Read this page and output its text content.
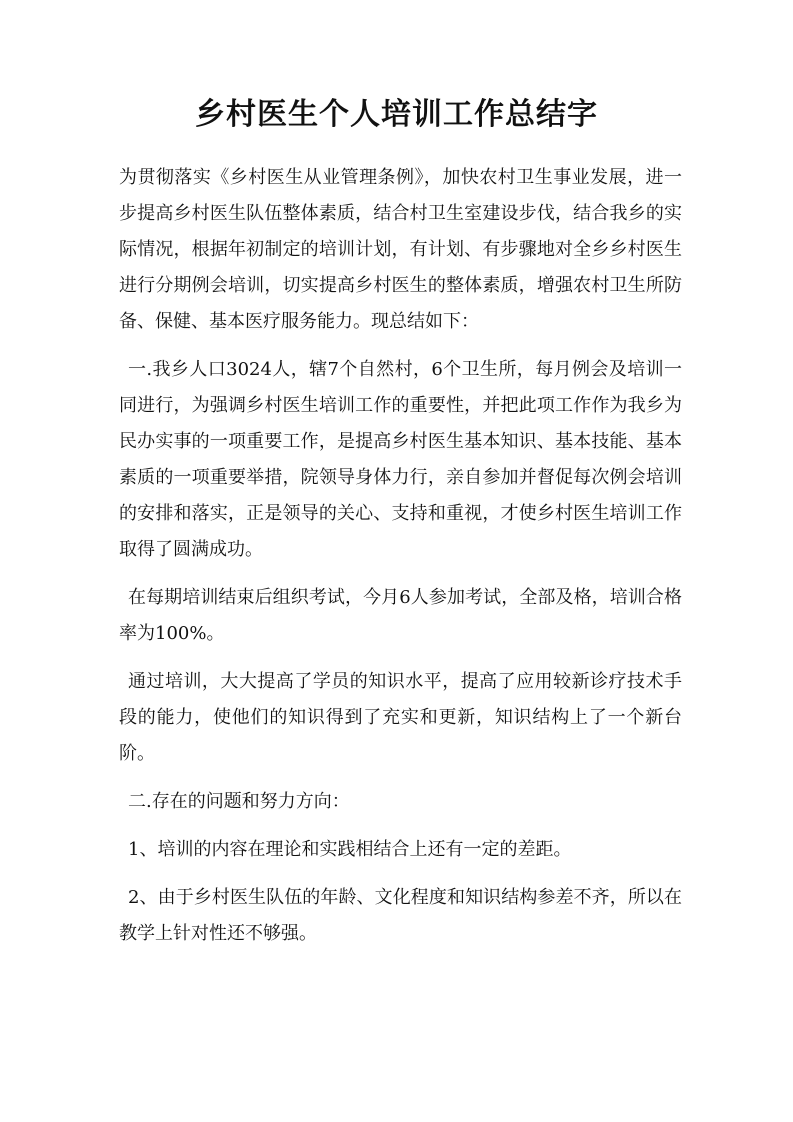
乡村医生个人培训工作总结字

为贯彻落实《乡村医生从业管理条例》，加快农村卫生事业发展，进一步提高乡村医生队伍整体素质，结合村卫生室建设步伐，结合我乡的实际情况，根据年初制定的培训计划，有计划、有步骤地对全乡乡村医生进行分期例会培训，切实提高乡村医生的整体素质，增强农村卫生所防备、保健、基本医疗服务能力。现总结如下：

一.我乡人口3024人，辖7个自然村，6个卫生所，每月例会及培训一同进行，为强调乡村医生培训工作的重要性，并把此项工作作为我乡为民办实事的一项重要工作，是提高乡村医生基本知识、基本技能、基本素质的一项重要举措，院领导身体力行，亲自参加并督促每次例会培训的安排和落实，正是领导的关心、支持和重视，才使乡村医生培训工作取得了圆满成功。

在每期培训结束后组织考试，今月6人参加考试，全部及格，培训合格率为100%。

通过培训，大大提高了学员的知识水平，提高了应用较新诊疗技术手段的能力，使他们的知识得到了充实和更新，知识结构上了一个新台阶。

二.存在的问题和努力方向：

1、培训的内容在理论和实践相结合上还有一定的差距。

2、由于乡村医生队伍的年龄、文化程度和知识结构参差不齐，所以在教学上针对性还不够强。
